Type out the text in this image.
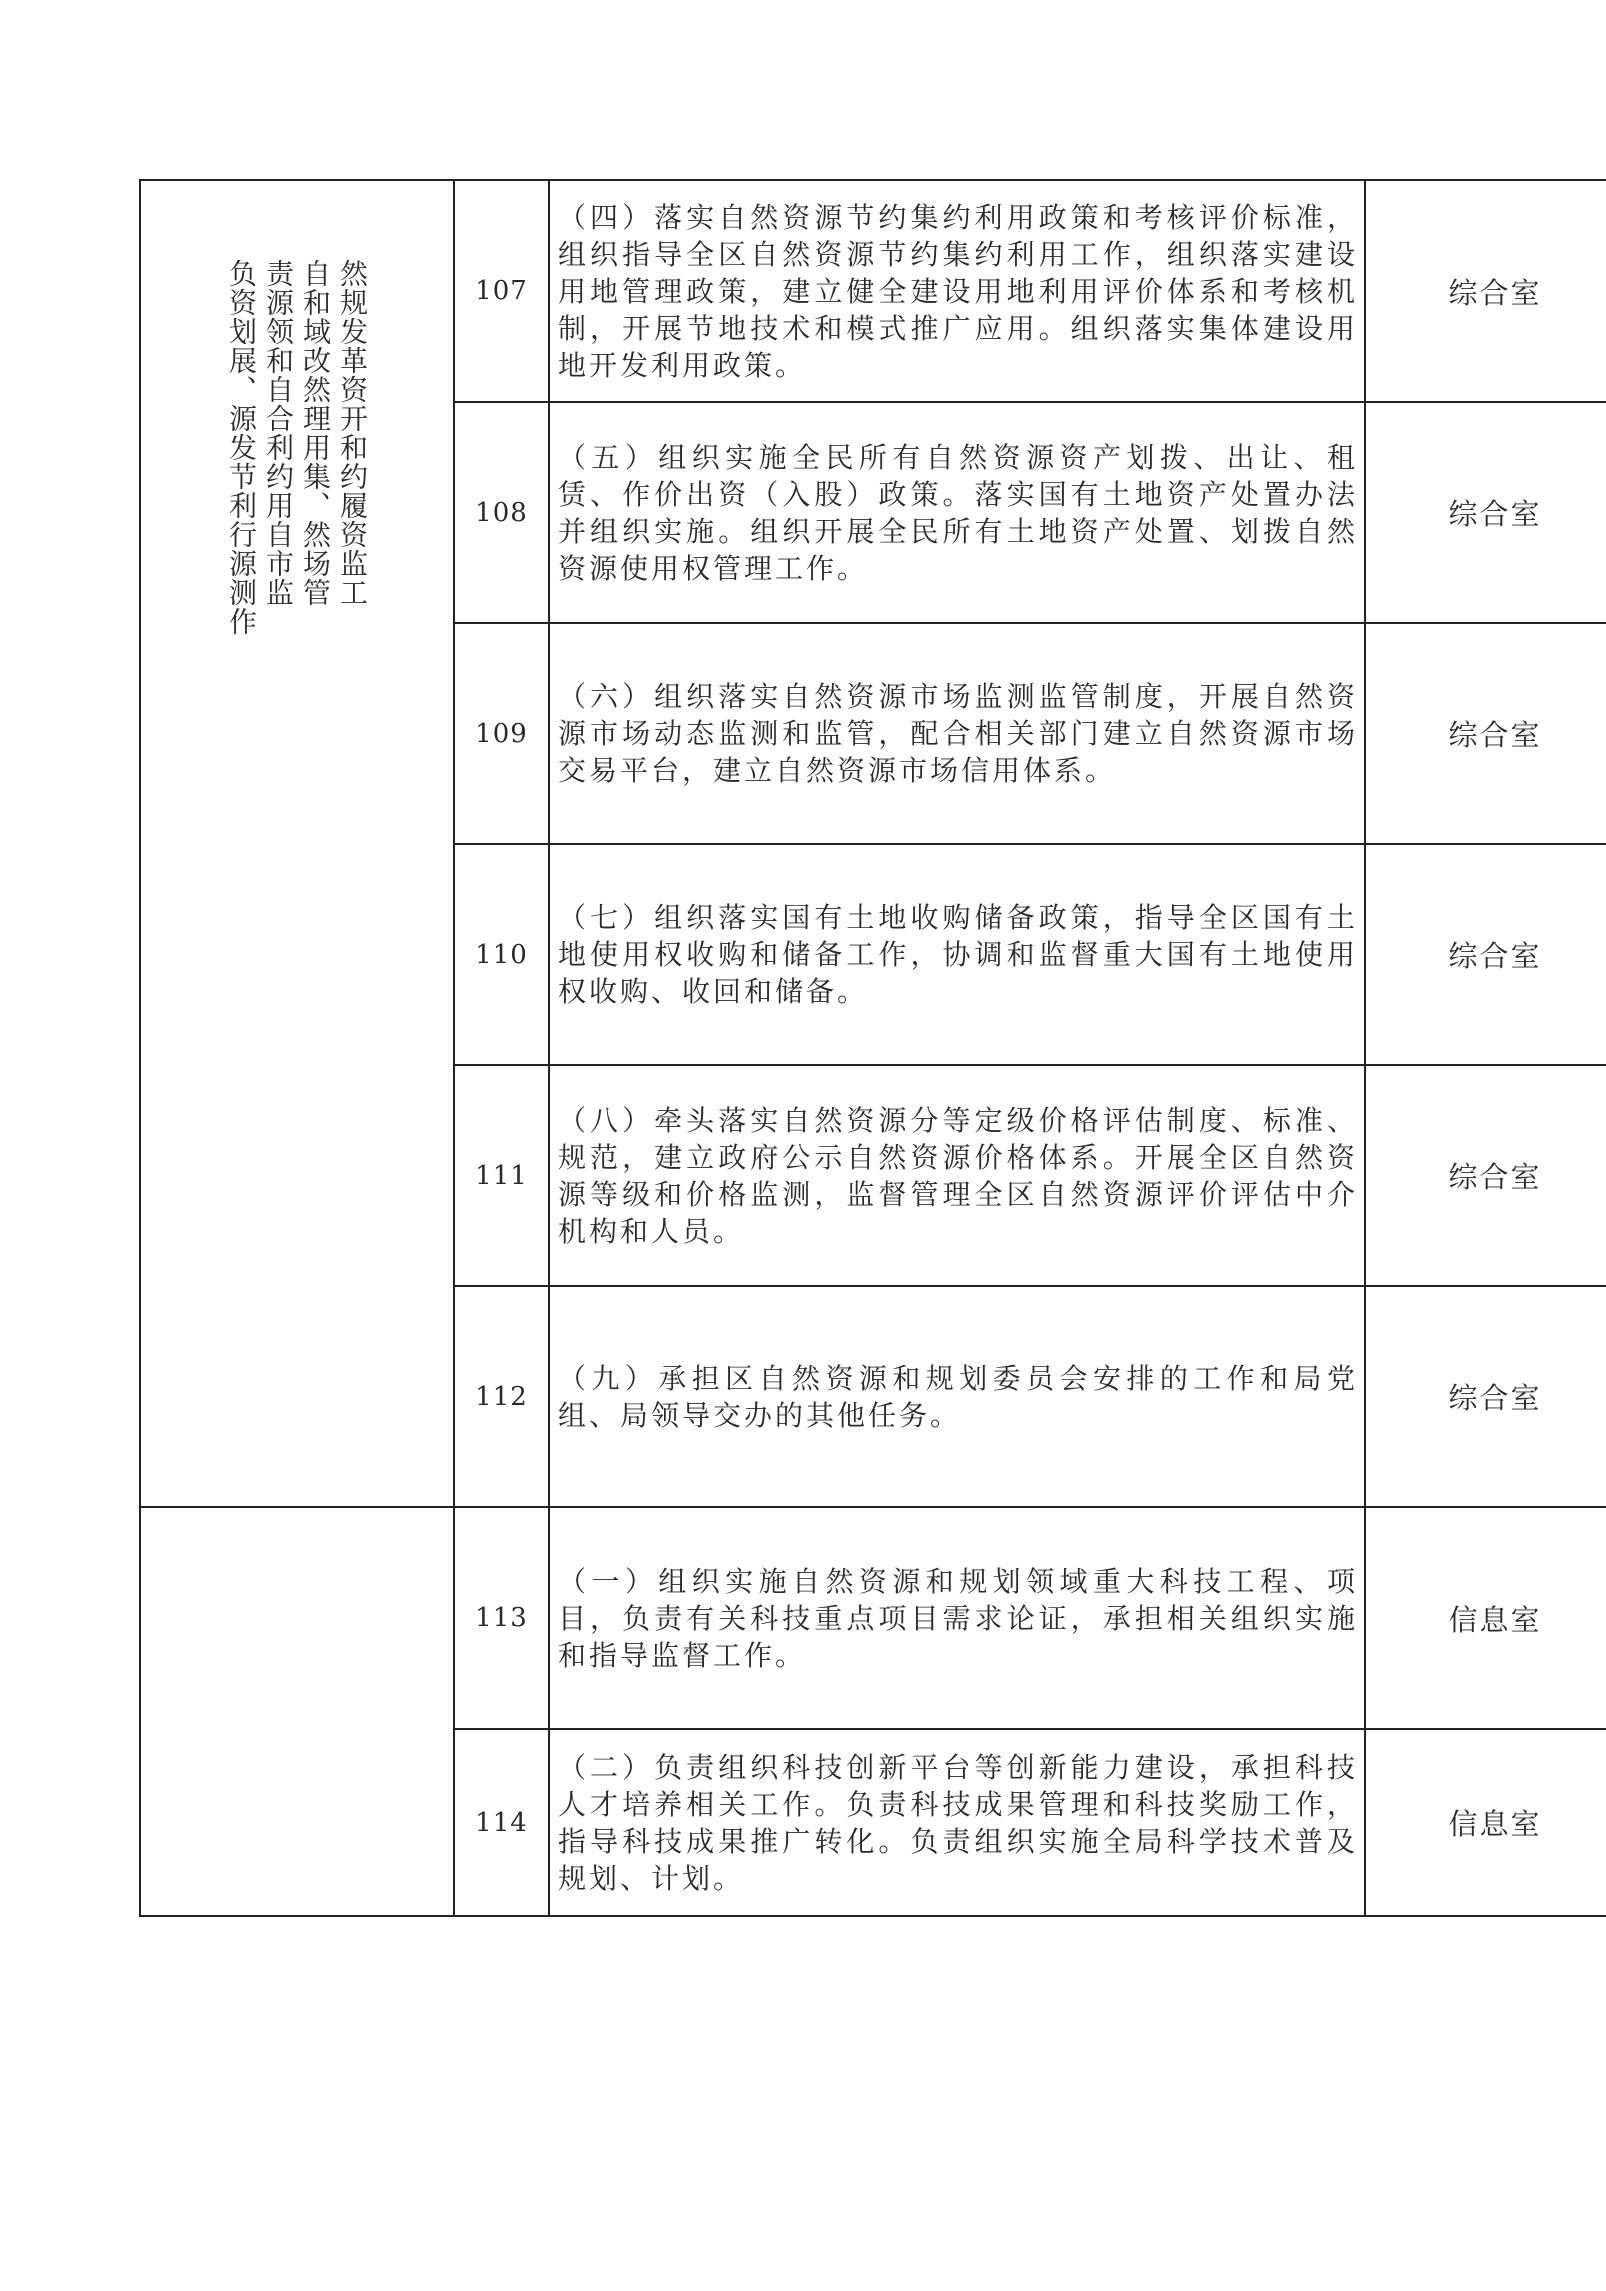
然规发革资开和约履资监工
自和域改然理用集、然场管
责源领和自合利约用自市监
负资划展、源发节利行源测作	107	（四）落实自然资源节约集约利用政策和考核评价标准，组织指导全区自然资源节约集约利用工作，组织落实建设用地管理政策，建立健全建设用地利用评价体系和考核机制，开展节地技术和模式推广应用。组织落实集体建设用地开发利用政策。	综合室
	108	（五）组织实施全民所有自然资源资产划拨、出让、租赁、作价出资（入股）政策。落实国有土地资产处置办法并组织实施。组织开展全民所有土地资产处置、划拨自然资源使用权管理工作。	综合室
	109	（六）组织落实自然资源市场监测监管制度，开展自然资源市场动态监测和监管，配合相关部门建立自然资源市场交易平台，建立自然资源市场信用体系。	综合室
	110	（七）组织落实国有土地收购储备政策，指导全区国有土地使用权收购和储备工作，协调和监督重大国有土地使用权收购、收回和储备。	综合室
	111	（八）牵头落实自然资源分等定级价格评估制度、标准、规范，建立政府公示自然资源价格体系。开展全区自然资源等级和价格监测，监督管理全区自然资源评价评估中介机构和人员。	综合室
	112	（九）承担区自然资源和规划委员会安排的工作和局党组、局领导交办的其他任务。	综合室
	113	（一）组织实施自然资源和规划领域重大科技工程、项目，负责有关科技重点项目需求论证，承担相关组织实施和指导监督工作。	信息室
	114	（二）负责组织科技创新平台等创新能力建设，承担科技人才培养相关工作。负责科技成果管理和科技奖励工作，指导科技成果推广转化。负责组织实施全局科学技术普及规划、计划。	信息室
